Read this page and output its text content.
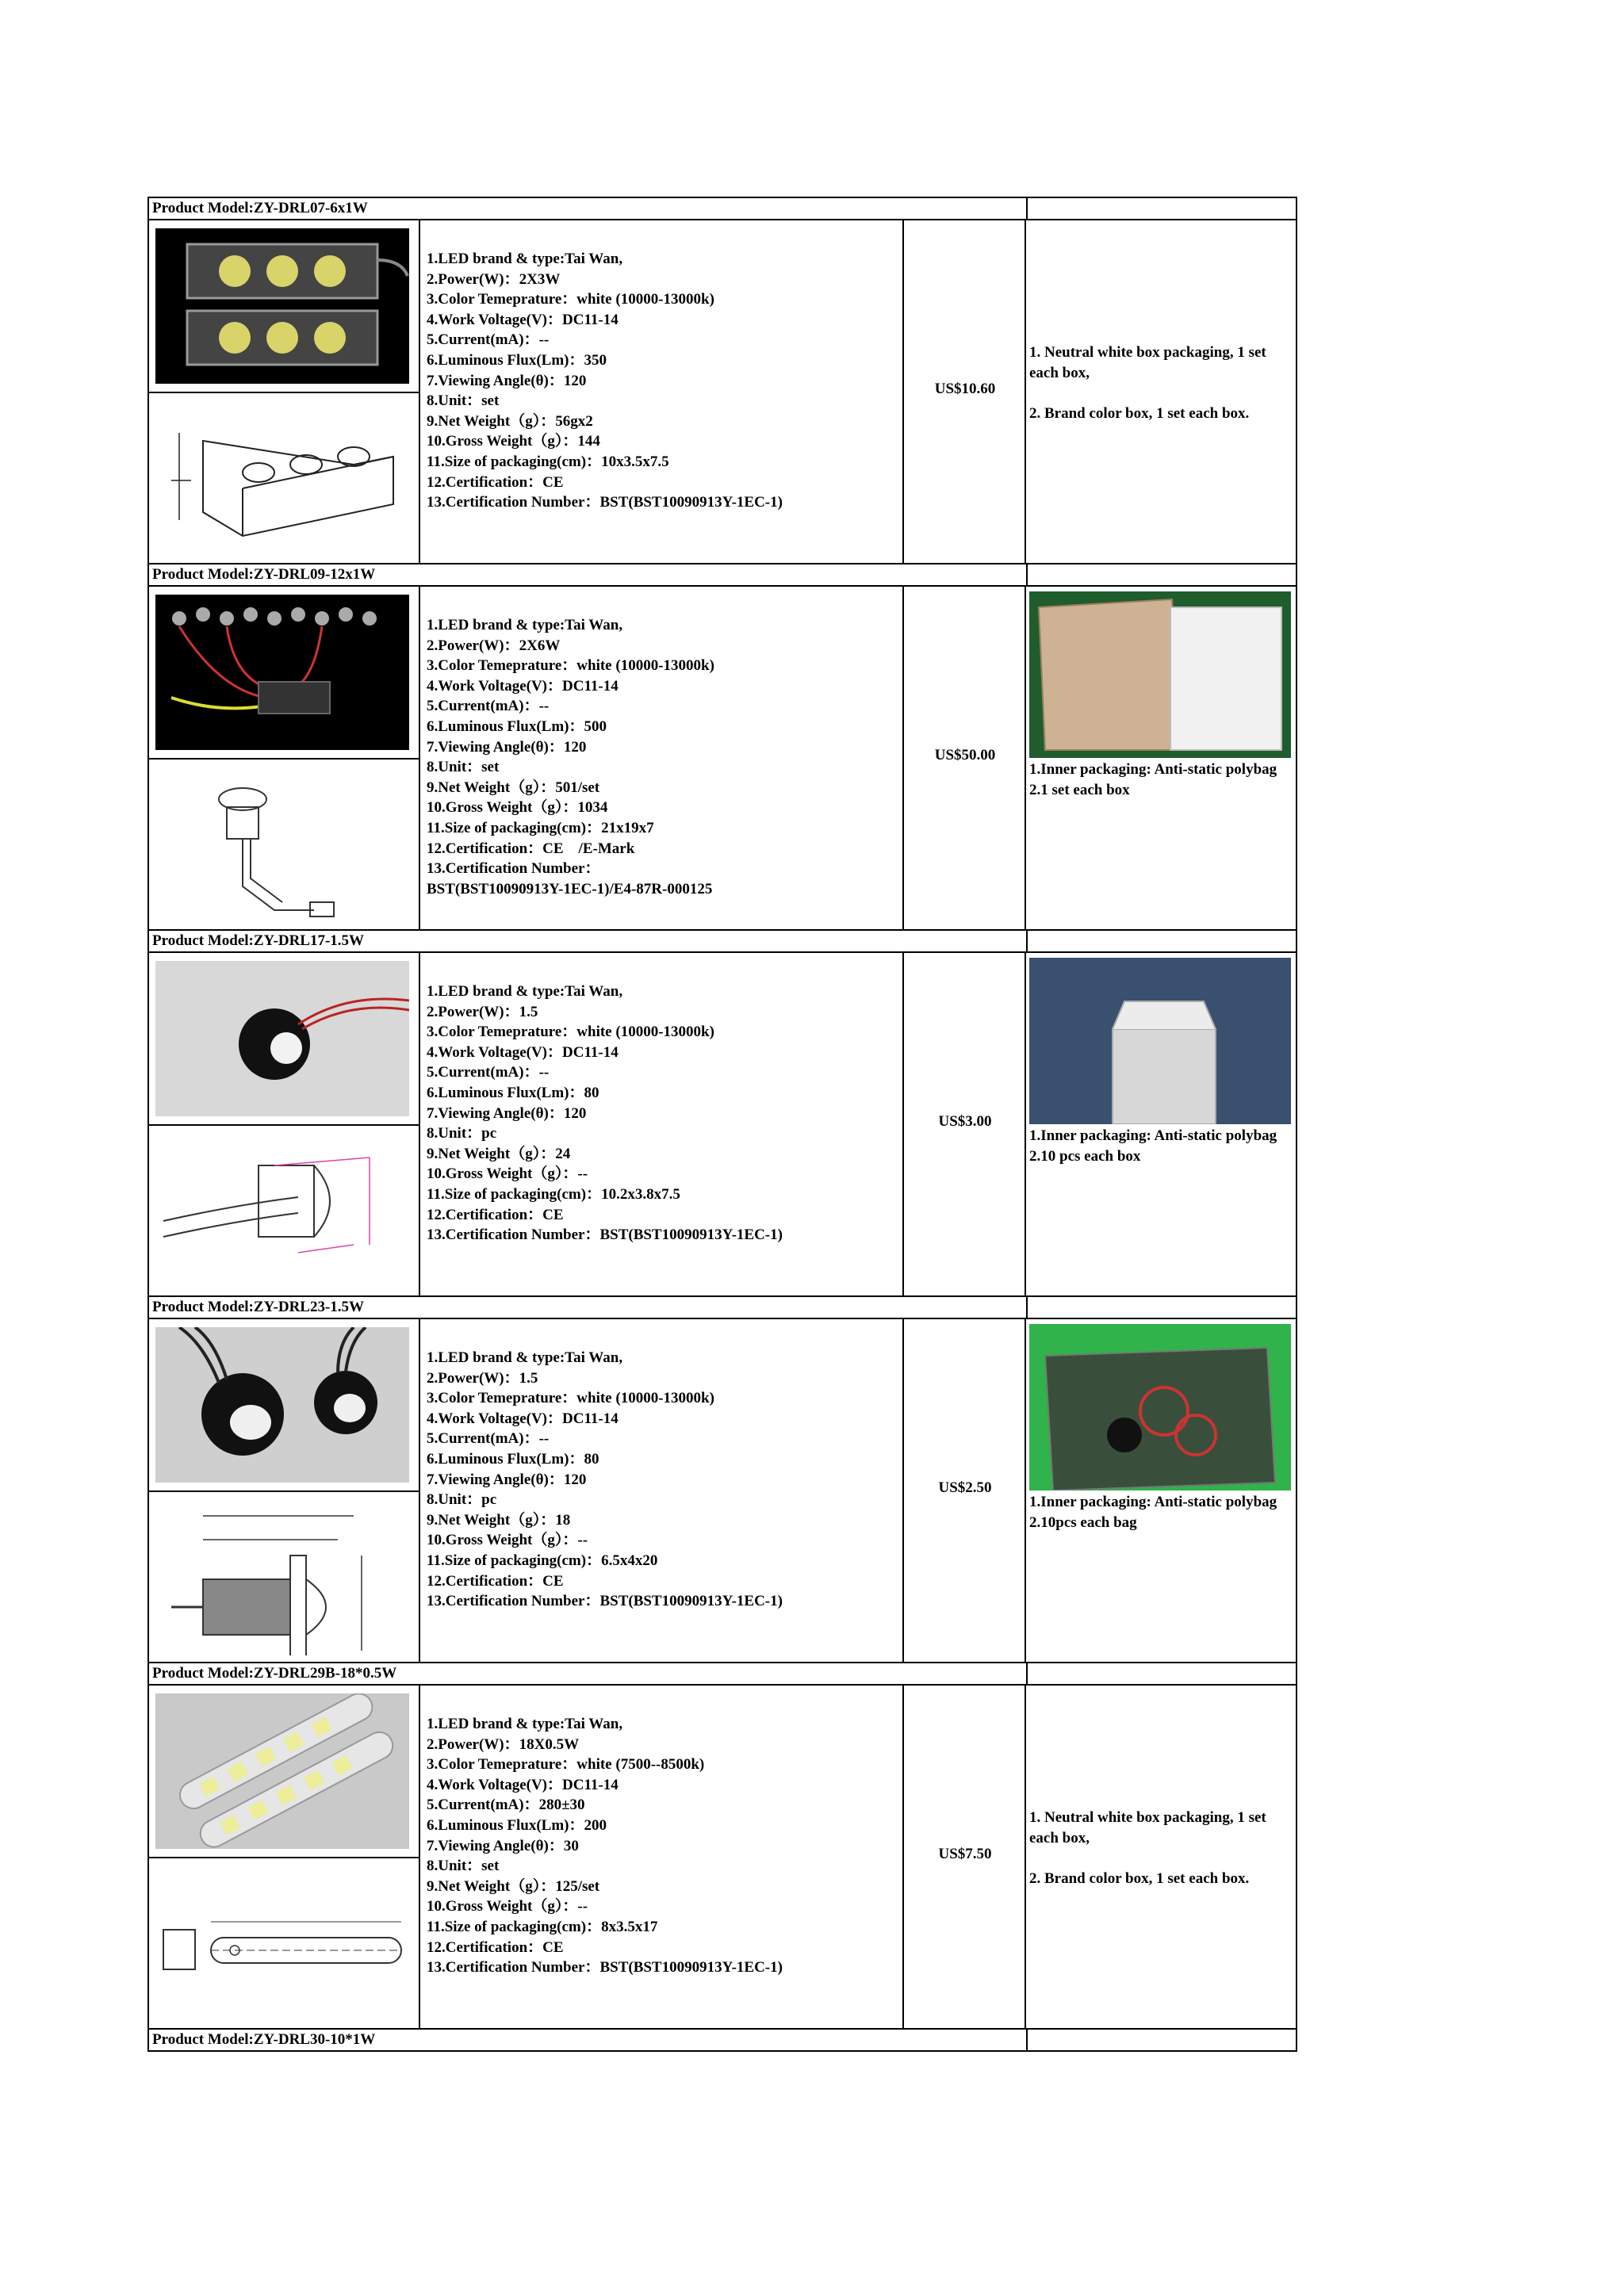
Product Model:ZY-DRL07-6x1W
1.LED brand & type:Tai Wan,
2.Power(W)：2X3W
3.Color Temeprature：white (10000-13000k)
4.Work Voltage(V)：DC11-14
5.Current(mA)：--
6.Luminous Flux(Lm)：350
7.Viewing Angle(θ)：120
8.Unit：set
9.Net Weight（g）：56gx2
10.Gross Weight（g）：144
11.Size of packaging(cm)：10x3.5x7.5
12.Certification：CE
13.Certification Number：BST(BST10090913Y-1EC-1)
US$10.60
1. Neutral white box packaging, 1 set each box,
2. Brand color box, 1 set each box.
Product Model:ZY-DRL09-12x1W
1.LED brand & type:Tai Wan,
2.Power(W)：2X6W
3.Color Temeprature：white (10000-13000k)
4.Work Voltage(V)：DC11-14
5.Current(mA)：--
6.Luminous Flux(Lm)：500
7.Viewing Angle(θ)：120
8.Unit：set
9.Net Weight（g）：501/set
10.Gross Weight（g）：1034
11.Size of packaging(cm)：21x19x7
12.Certification：CE　/E-Mark
13.Certification Number：
BST(BST10090913Y-1EC-1)/E4-87R-000125
US$50.00
1.Inner packaging: Anti-static polybag
2.1 set each box
Product Model:ZY-DRL17-1.5W
1.LED brand & type:Tai Wan,
2.Power(W)：1.5
3.Color Temeprature：white (10000-13000k)
4.Work Voltage(V)：DC11-14
5.Current(mA)：--
6.Luminous Flux(Lm)：80
7.Viewing Angle(θ)：120
8.Unit：pc
9.Net Weight（g）：24
10.Gross Weight（g）：--
11.Size of packaging(cm)：10.2x3.8x7.5
12.Certification：CE
13.Certification Number：BST(BST10090913Y-1EC-1)
US$3.00
1.Inner packaging: Anti-static polybag
2.10 pcs each box
Product Model:ZY-DRL23-1.5W
1.LED brand & type:Tai Wan,
2.Power(W)：1.5
3.Color Temeprature：white (10000-13000k)
4.Work Voltage(V)：DC11-14
5.Current(mA)：--
6.Luminous Flux(Lm)：80
7.Viewing Angle(θ)：120
8.Unit：pc
9.Net Weight（g）：18
10.Gross Weight（g）：--
11.Size of packaging(cm)：6.5x4x20
12.Certification：CE
13.Certification Number：BST(BST10090913Y-1EC-1)
US$2.50
1.Inner packaging: Anti-static polybag
2.10pcs each bag
Product Model:ZY-DRL29B-18*0.5W
1.LED brand & type:Tai Wan,
2.Power(W)：18X0.5W
3.Color Temeprature：white (7500--8500k)
4.Work Voltage(V)：DC11-14
5.Current(mA)：280±30
6.Luminous Flux(Lm)：200
7.Viewing Angle(θ)：30
8.Unit：set
9.Net Weight（g）：125/set
10.Gross Weight（g）：--
11.Size of packaging(cm)：8x3.5x17
12.Certification：CE
13.Certification Number：BST(BST10090913Y-1EC-1)
US$7.50
1. Neutral white box packaging, 1 set each box,
2. Brand color box, 1 set each box.
Product Model:ZY-DRL30-10*1W
